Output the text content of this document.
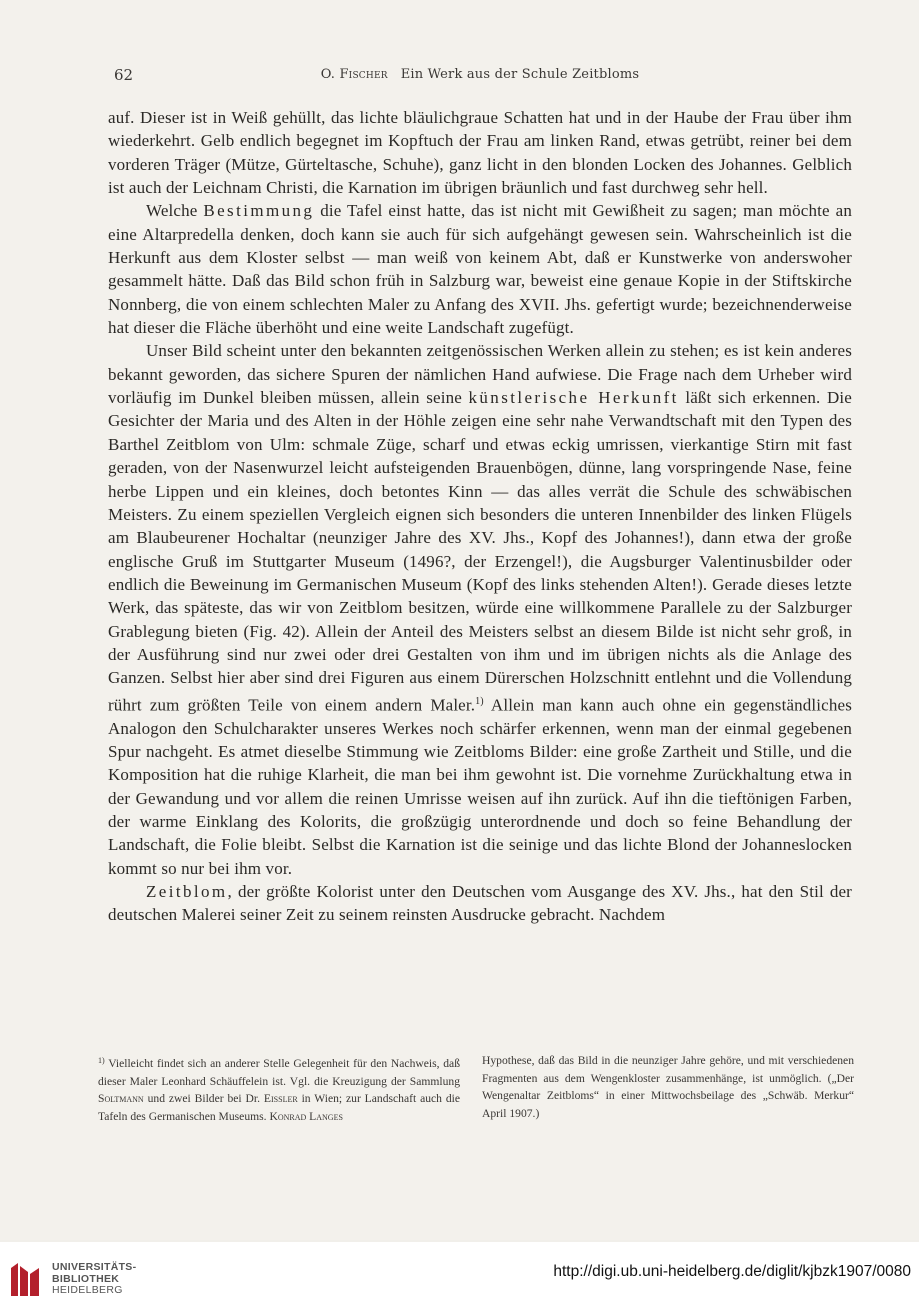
62	O. Fischer Ein Werk aus der Schule Zeitbloms

auf. Dieser ist in Weiß gehüllt, das lichte bläulichgraue Schatten hat und in der Haube der Frau über ihm wiederkehrt. Gelb endlich begegnet im Kopftuch der Frau am linken Rand, etwas getrübt, reiner bei dem vorderen Träger (Mütze, Gürteltasche, Schuhe), ganz licht in den blonden Locken des Johannes. Gelblich ist auch der Leichnam Christi, die Karnation im übrigen bräunlich und fast durchweg sehr hell.

Welche Bestimmung die Tafel einst hatte, das ist nicht mit Gewißheit zu sagen; man möchte an eine Altarpredella denken, doch kann sie auch für sich aufgehängt gewesen sein. Wahrscheinlich ist die Herkunft aus dem Kloster selbst — man weiß von keinem Abt, daß er Kunstwerke von anderswoher gesammelt hätte. Daß das Bild schon früh in Salzburg war, beweist eine genaue Kopie in der Stiftskirche Nonnberg, die von einem schlechten Maler zu Anfang des XVII. Jhs. gefertigt wurde; bezeichnenderweise hat dieser die Fläche überhöht und eine weite Landschaft zugefügt.

Unser Bild scheint unter den bekannten zeitgenössischen Werken allein zu stehen; es ist kein anderes bekannt geworden, das sichere Spuren der nämlichen Hand aufwiese. Die Frage nach dem Urheber wird vorläufig im Dunkel bleiben müssen, allein seine künstlerische Herkunft läßt sich erkennen. Die Gesichter der Maria und des Alten in der Höhle zeigen eine sehr nahe Verwandtschaft mit den Typen des Barthel Zeitblom von Ulm: schmale Züge, scharf und etwas eckig umrissen, vierkantige Stirn mit fast geraden, von der Nasenwurzel leicht aufsteigenden Brauenbögen, dünne, lang vorspringende Nase, feine herbe Lippen und ein kleines, doch betontes Kinn — das alles verrät die Schule des schwäbischen Meisters. Zu einem speziellen Vergleich eignen sich besonders die unteren Innenbilder des linken Flügels am Blaubeurener Hochaltar (neunziger Jahre des XV. Jhs., Kopf des Johannes!), dann etwa der große englische Gruß im Stuttgarter Museum (1496?, der Erzengel!), die Augsburger Valentinusbilder oder endlich die Beweinung im Germanischen Museum (Kopf des links stehenden Alten!). Gerade dieses letzte Werk, das späteste, das wir von Zeitblom besitzen, würde eine willkommene Parallele zu der Salzburger Grablegung bieten (Fig. 42). Allein der Anteil des Meisters selbst an diesem Bilde ist nicht sehr groß, in der Ausführung sind nur zwei oder drei Gestalten von ihm und im übrigen nichts als die Anlage des Ganzen. Selbst hier aber sind drei Figuren aus einem Dürerschen Holzschnitt entlehnt und die Vollendung rührt zum größten Teile von einem andern Maler.$^{1)}$ Allein man kann auch ohne ein gegenständliches Analogon den Schulcharakter unseres Werkes noch schärfer erkennen, wenn man der einmal gegebenen Spur nachgeht. Es atmet dieselbe Stimmung wie Zeitbloms Bilder: eine große Zartheit und Stille, und die Komposition hat die ruhige Klarheit, die man bei ihm gewohnt ist. Die vornehme Zurückhaltung etwa in der Gewandung und vor allem die reinen Umrisse weisen auf ihn zurück. Auf ihn die tieftönigen Farben, der warme Einklang des Kolorits, die großzügig unterordnende und doch so feine Behandlung der Landschaft, die Folie bleibt. Selbst die Karnation ist die seinige und das lichte Blond der Johanneslocken kommt so nur bei ihm vor.

Zeitblom, der größte Kolorist unter den Deutschen vom Ausgange des XV. Jhs., hat den Stil der deutschen Malerei seiner Zeit zu seinem reinsten Ausdrucke gebracht. Nachdem

$^{1)}$ Vielleicht findet sich an anderer Stelle Gelegenheit für den Nachweis, daß dieser Maler Leonhard Schäuffelein ist. Vgl. die Kreuzigung der Sammlung Soltmann und zwei Bilder bei Dr. Eissler in Wien; zur Landschaft auch die Tafeln des Germanischen Museums. Konrad Langes

Hypothese, daß das Bild in die neunziger Jahre gehöre, und mit verschiedenen Fragmenten aus dem Wengenkloster zusammenhänge, ist unmöglich. („Der Wengenaltar Zeitbloms“ in einer Mittwochsbeilage des „Schwäb. Merkur“ April 1907.)

UNIVERSITÄTS-
BIBLIOTHEK
HEIDELBERG
http://digi.ub.uni-heidelberg.de/diglit/kjbzk1907/0080
